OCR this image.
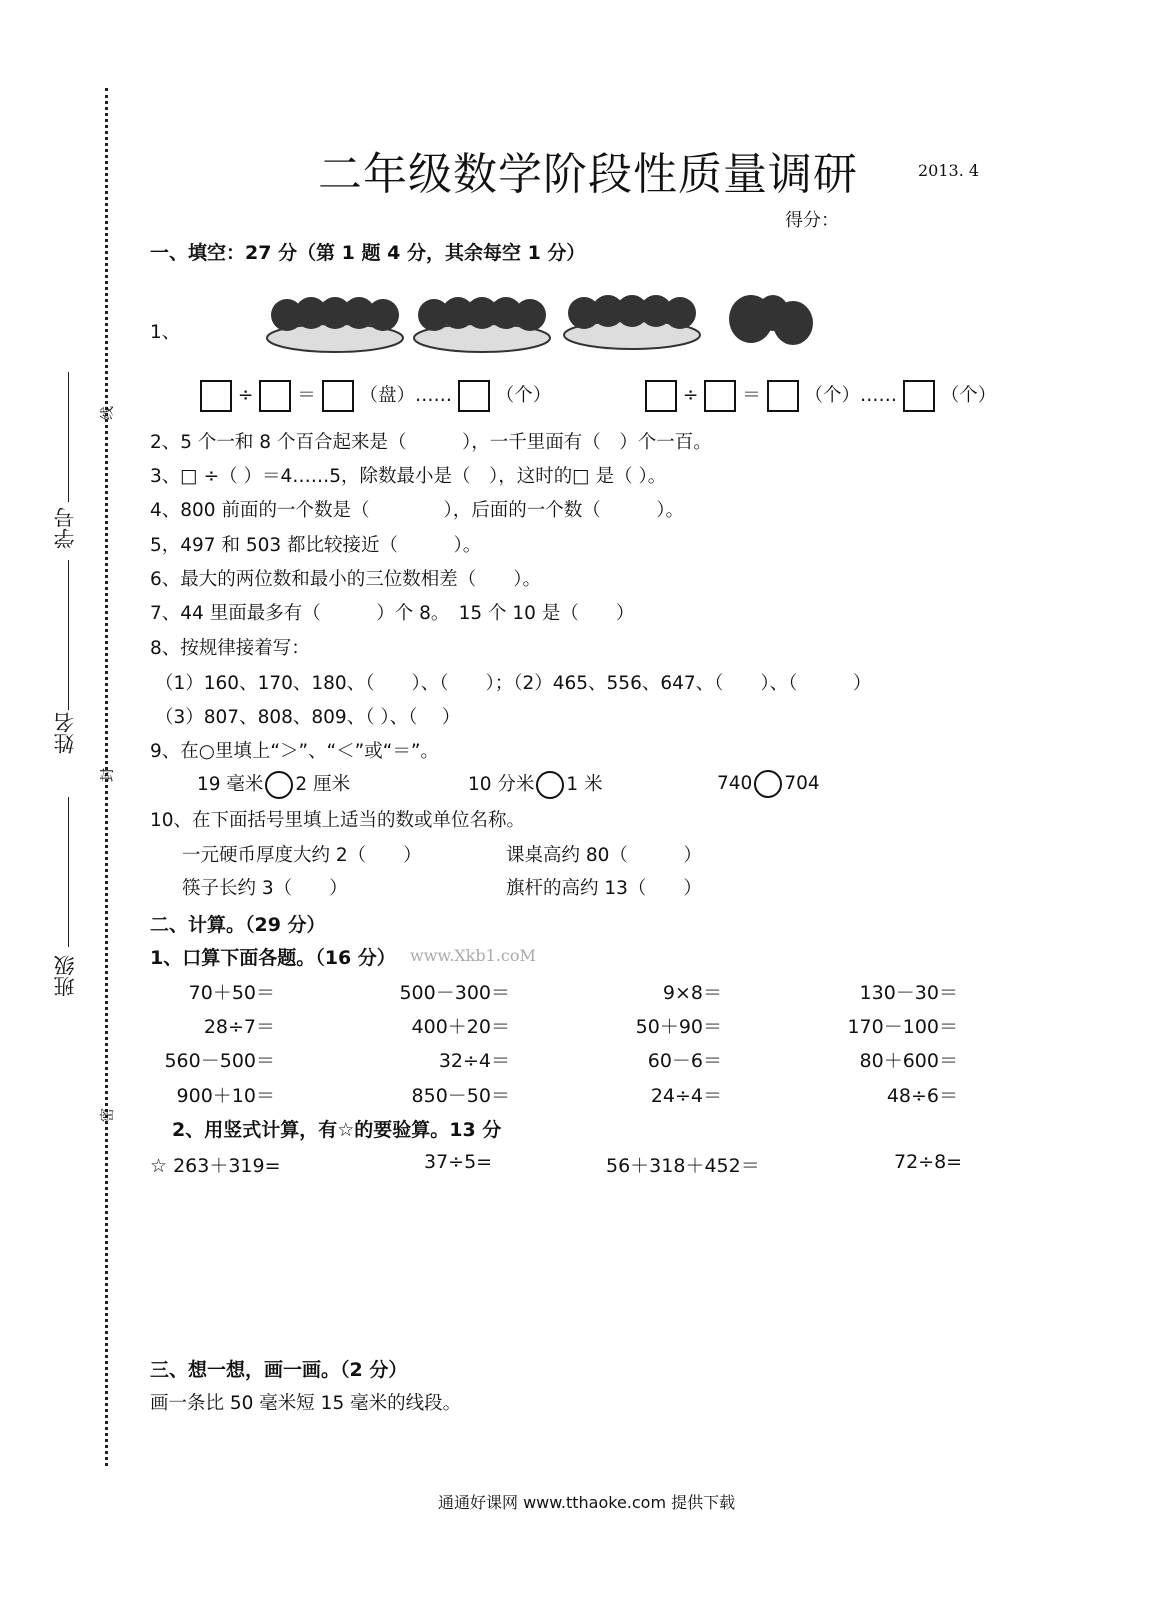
学号
姓名
班级
线
封
密
二年级数学阶段性质量调研	2013. 4
得分：
一、填空：27 分（第 1 题 4 分，其余每空 1 分）
1、
÷ ＝ （盘）…… （个）	÷ ＝ （个）…… （个）
2、5 个一和 8 个百合起来是（　　　），一千里面有（　）个一百。
3、□ ÷（ ）＝4……5，除数最小是（　），这时的□ 是（ ）。
4、800 前面的一个数是（　　　　），后面的一个数（　　　）。
5，497 和 503 都比较接近（　　　）。
6、最大的两位数和最小的三位数相差（　　）。
7、44 里面最多有（　　　）个 8。　15 个 10 是（　　）
8、按规律接着写：
（1）160、170、180、（　　）、（　　）；（2）465、556、647、（　　）、（　　　）
（3）807、808、809、（ ）、（　 ）
9、在○里填上“＞”、“＜”或“＝”。
19 毫米 2 厘米	10 分米 1 米	740 704
10、在下面括号里填上适当的数或单位名称。
一元硬币厚度大约 2（　　）	课桌高约 80（　　　）
筷子长约 3（　　）	旗杆的高约 13（　　）
二、计算。（29 分）
1、口算下面各题。（16 分） www.Xkb1.coM
70＋50＝	500－300＝	9×8＝	130－30＝
28÷7＝	400＋20＝	50＋90＝	170－100＝
560－500＝	32÷4＝	60－6＝	80＋600＝
900＋10＝	850－50＝	24÷4＝	48÷6＝
2、用竖式计算，有☆的要验算。13 分
☆ 263＋319=	37÷5=	56＋318＋452＝	72÷8=
三、想一想，画一画。（2 分）
画一条比 50 毫米短 15 毫米的线段。
通通好课网 www.tthaoke.com 提供下载
